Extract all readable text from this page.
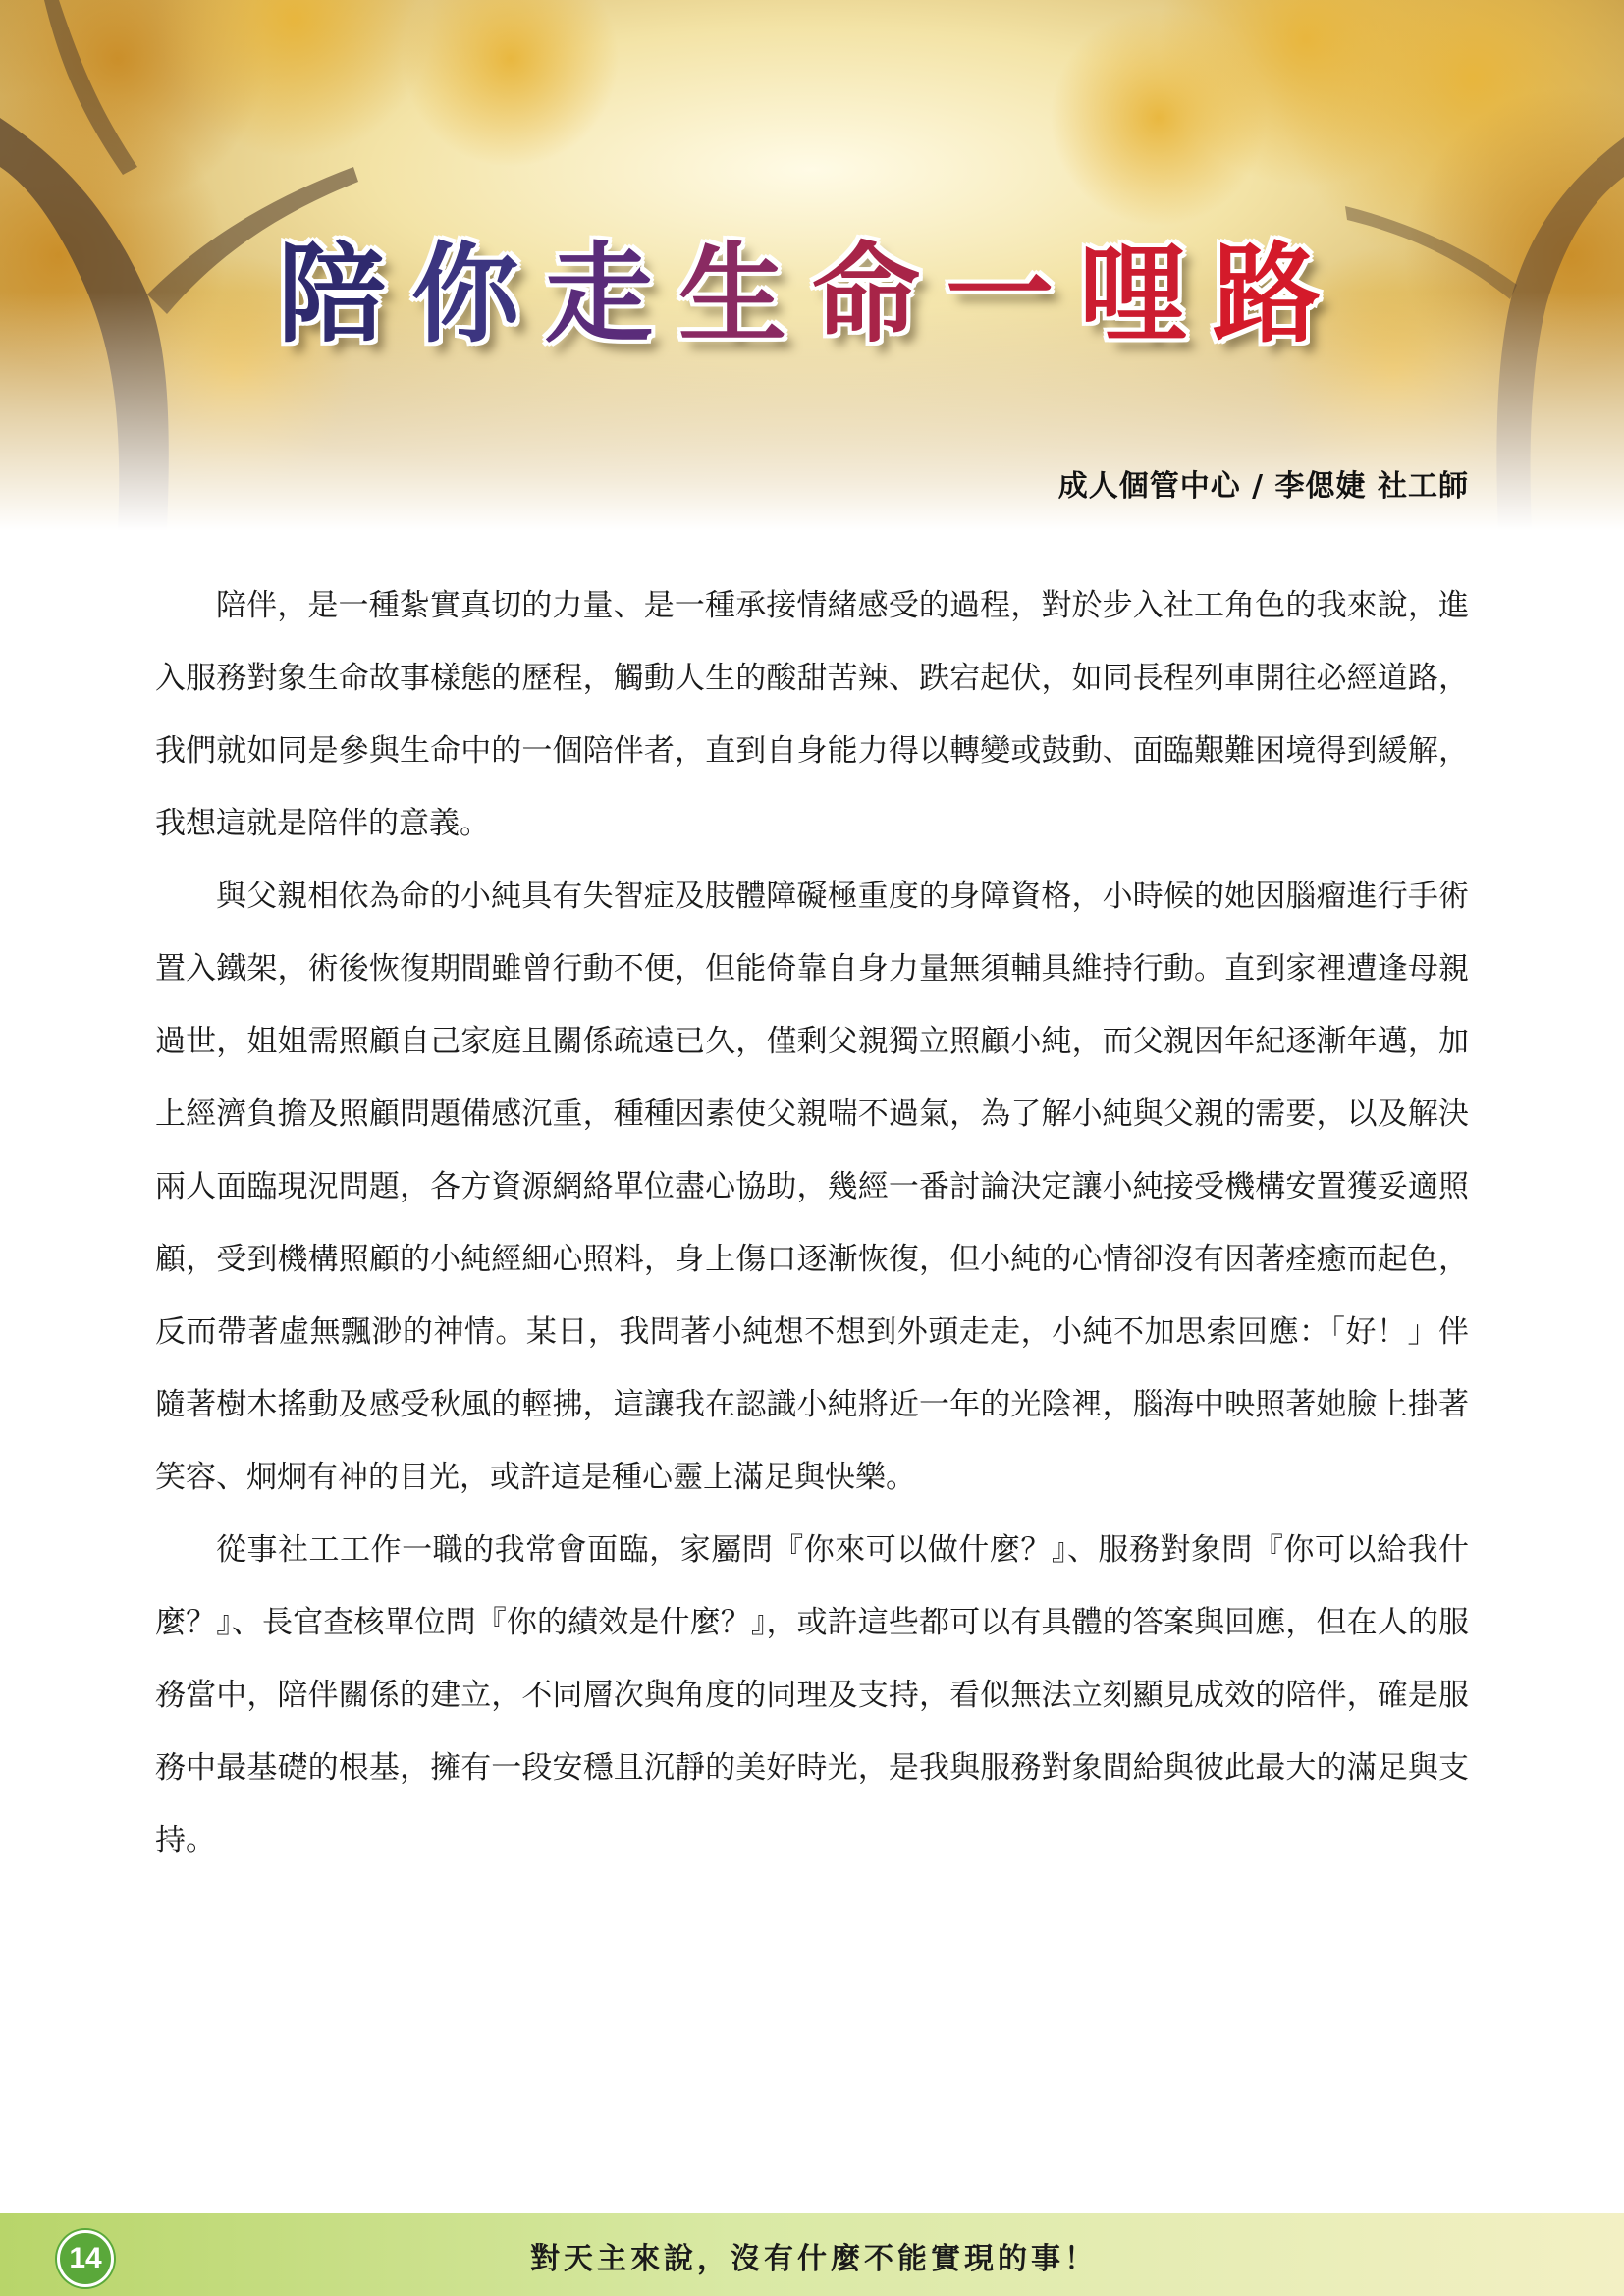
陪你走生命一哩路
成人個管中心 / 李偲婕 社工師

陪伴，是一種紮實真切的力量、是一種承接情緒感受的過程，對於步入社工角色的我來說，進入服務對象生命故事樣態的歷程，觸動人生的酸甜苦辣、跌宕起伏，如同長程列車開往必經道路，我們就如同是參與生命中的一個陪伴者，直到自身能力得以轉變或鼓動、面臨艱難困境得到緩解，我想這就是陪伴的意義。

與父親相依為命的小純具有失智症及肢體障礙極重度的身障資格，小時候的她因腦瘤進行手術置入鐵架，術後恢復期間雖曾行動不便，但能倚靠自身力量無須輔具維持行動。直到家裡遭逢母親過世，姐姐需照顧自己家庭且關係疏遠已久，僅剩父親獨立照顧小純，而父親因年紀逐漸年邁，加上經濟負擔及照顧問題備感沉重，種種因素使父親喘不過氣，為了解小純與父親的需要，以及解決兩人面臨現況問題，各方資源網絡單位盡心協助，幾經一番討論決定讓小純接受機構安置獲妥適照顧，受到機構照顧的小純經細心照料，身上傷口逐漸恢復，但小純的心情卻沒有因著痊癒而起色，反而帶著虛無飄渺的神情。某日，我問著小純想不想到外頭走走，小純不加思索回應：「好！」伴隨著樹木搖動及感受秋風的輕拂，這讓我在認識小純將近一年的光陰裡，腦海中映照著她臉上掛著笑容、炯炯有神的目光，或許這是種心靈上滿足與快樂。

從事社工工作一職的我常會面臨，家屬問『你來可以做什麼？』、服務對象問『你可以給我什麼？』、長官查核單位問『你的績效是什麼？』，或許這些都可以有具體的答案與回應，但在人的服務當中，陪伴關係的建立，不同層次與角度的同理及支持，看似無法立刻顯見成效的陪伴，確是服務中最基礎的根基，擁有一段安穩且沉靜的美好時光，是我與服務對象間給與彼此最大的滿足與支持。

14	對天主來說，沒有什麼不能實現的事！
